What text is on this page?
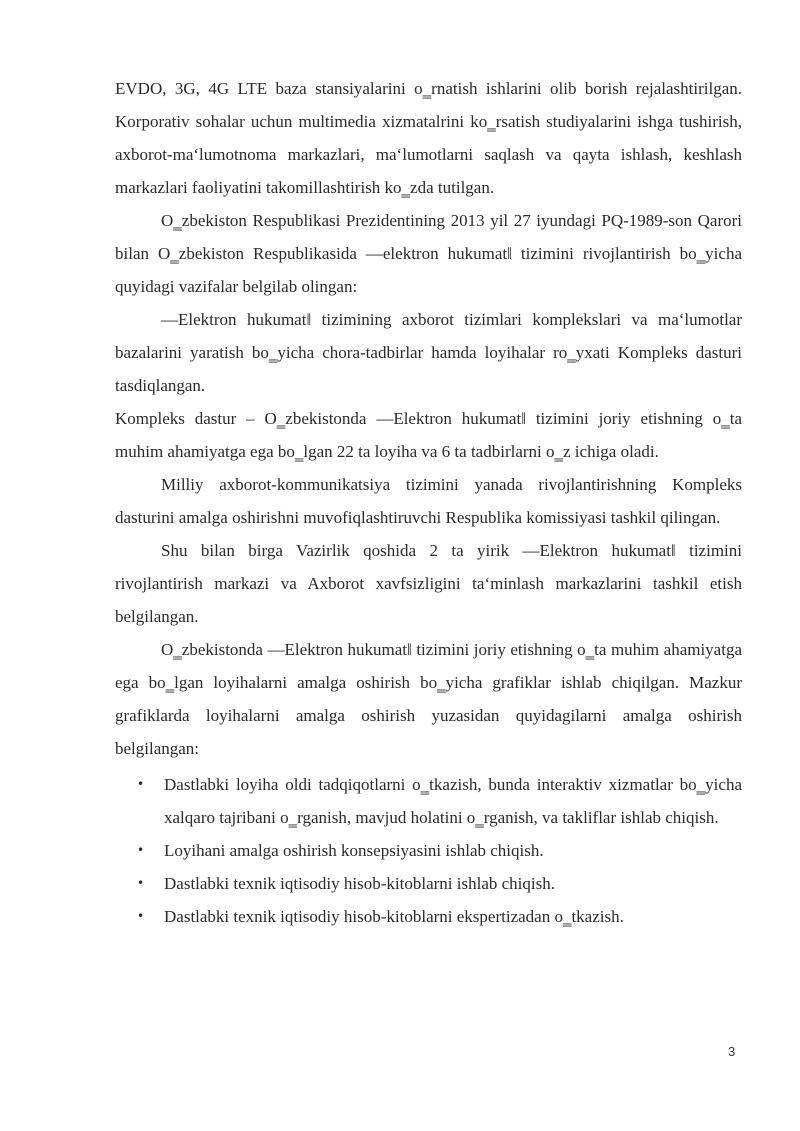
EVDO, 3G, 4G LTE baza stansiyalarini o‗rnatish ishlarini olib borish rejalashtirilgan. Korporativ sohalar uchun multimedia xizmatalrini ko‗rsatish studiyalarini ishga tushirish, axborot-ma‘lumotnoma markazlari, ma‘lumotlarni saqlash va qayta ishlash, keshlash markazlari faoliyatini takomillashtirish ko‗zda tutilgan.

O‗zbekiston Respublikasi Prezidentining 2013 yil 27 iyundagi PQ-1989-son Qarori bilan O‗zbekiston Respublikasida ―elektron hukumat‖ tizimini rivojlantirish bo‗yicha quyidagi vazifalar belgilab olingan:

―Elektron hukumat‖ tizimining axborot tizimlari komplekslari va ma‘lumotlar bazalarini yaratish bo‗yicha chora-tadbirlar hamda loyihalar ro‗yxati Kompleks dasturi tasdiqlangan.

Kompleks dastur – O‗zbekistonda ―Elektron hukumat‖ tizimini joriy etishning o‗ta muhim ahamiyatga ega bo‗lgan 22 ta loyiha va 6 ta tadbirlarni o‗z ichiga oladi.

Milliy axborot-kommunikatsiya tizimini yanada rivojlantirishning Kompleks dasturini amalga oshirishni muvofiqlashtiruvchi Respublika komissiyasi tashkil qilingan.

Shu bilan birga Vazirlik qoshida 2 ta yirik ―Elektron hukumat‖ tizimini rivojlantirish markazi va Axborot xavfsizligini ta‘minlash markazlarini tashkil etish belgilangan.

O‗zbekistonda ―Elektron hukumat‖ tizimini joriy etishning o‗ta muhim ahamiyatga ega bo‗lgan loyihalarni amalga oshirish bo‗yicha grafiklar ishlab chiqilgan. Mazkur grafiklarda loyihalarni amalga oshirish yuzasidan quyidagilarni amalga oshirish belgilangan:

• Dastlabki loyiha oldi tadqiqotlarni o‗tkazish, bunda interaktiv xizmatlar bo‗yicha xalqaro tajribani o‗rganish, mavjud holatini o‗rganish, va takliflar ishlab chiqish.
• Loyihani amalga oshirish konsepsiyasini ishlab chiqish.
• Dastlabki texnik iqtisodiy hisob-kitoblarni ishlab chiqish.
• Dastlabki texnik iqtisodiy hisob-kitoblarni ekspertizadan o‗tkazish.
3
